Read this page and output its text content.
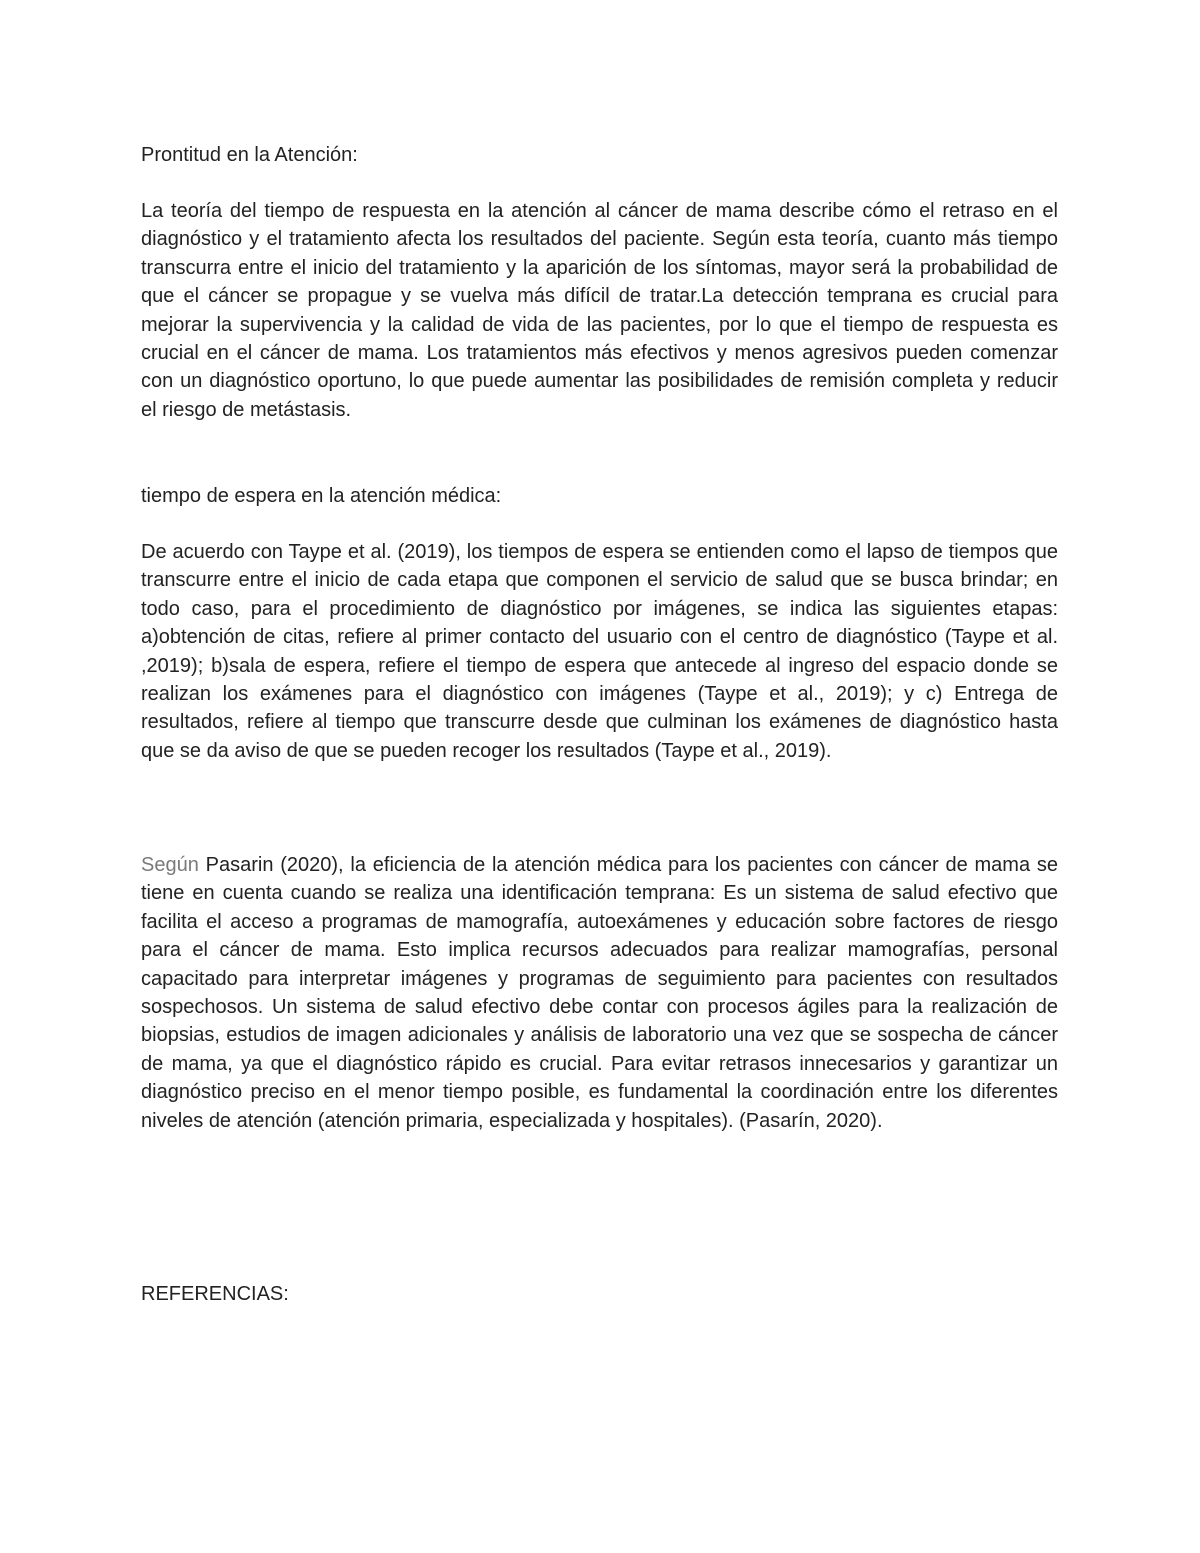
Prontitud en la Atención:
La teoría del tiempo de respuesta en la atención al cáncer de mama describe cómo el retraso en el diagnóstico y el tratamiento afecta los resultados del paciente. Según esta teoría, cuanto más tiempo transcurra entre el inicio del tratamiento y la aparición de los síntomas, mayor será la probabilidad de que el cáncer se propague y se vuelva más difícil de tratar.La detección temprana es crucial para mejorar la supervivencia y la calidad de vida de las pacientes, por lo que el tiempo de respuesta es crucial en el cáncer de mama. Los tratamientos más efectivos y menos agresivos pueden comenzar con un diagnóstico oportuno, lo que puede aumentar las posibilidades de remisión completa y reducir el riesgo de metástasis.
tiempo de espera en la atención médica:
De acuerdo con Taype et al. (2019), los tiempos de espera se entienden como el lapso de tiempos que transcurre entre el inicio de cada etapa que componen el servicio de salud que se busca brindar; en todo caso, para el procedimiento de diagnóstico por imágenes, se indica las siguientes etapas: a)obtención de citas, refiere al primer contacto del usuario con el centro de diagnóstico (Taype et al. ,2019); b)sala de espera, refiere el tiempo de espera que antecede al ingreso del espacio donde se realizan los exámenes para el diagnóstico con imágenes (Taype et al., 2019); y c) Entrega de resultados, refiere al tiempo que transcurre desde que culminan los exámenes de diagnóstico hasta que se da aviso de que se pueden recoger los resultados (Taype et al., 2019).
Según Pasarin (2020), la eficiencia de la atención médica para los pacientes con cáncer de mama se tiene en cuenta cuando se realiza una identificación temprana: Es un sistema de salud efectivo que facilita el acceso a programas de mamografía, autoexámenes y educación sobre factores de riesgo para el cáncer de mama. Esto implica recursos adecuados para realizar mamografías, personal capacitado para interpretar imágenes y programas de seguimiento para pacientes con resultados sospechosos. Un sistema de salud efectivo debe contar con procesos ágiles para la realización de biopsias, estudios de imagen adicionales y análisis de laboratorio una vez que se sospecha de cáncer de mama, ya que el diagnóstico rápido es crucial. Para evitar retrasos innecesarios y garantizar un diagnóstico preciso en el menor tiempo posible, es fundamental la coordinación entre los diferentes niveles de atención (atención primaria, especializada y hospitales). (Pasarín, 2020).
REFERENCIAS:
